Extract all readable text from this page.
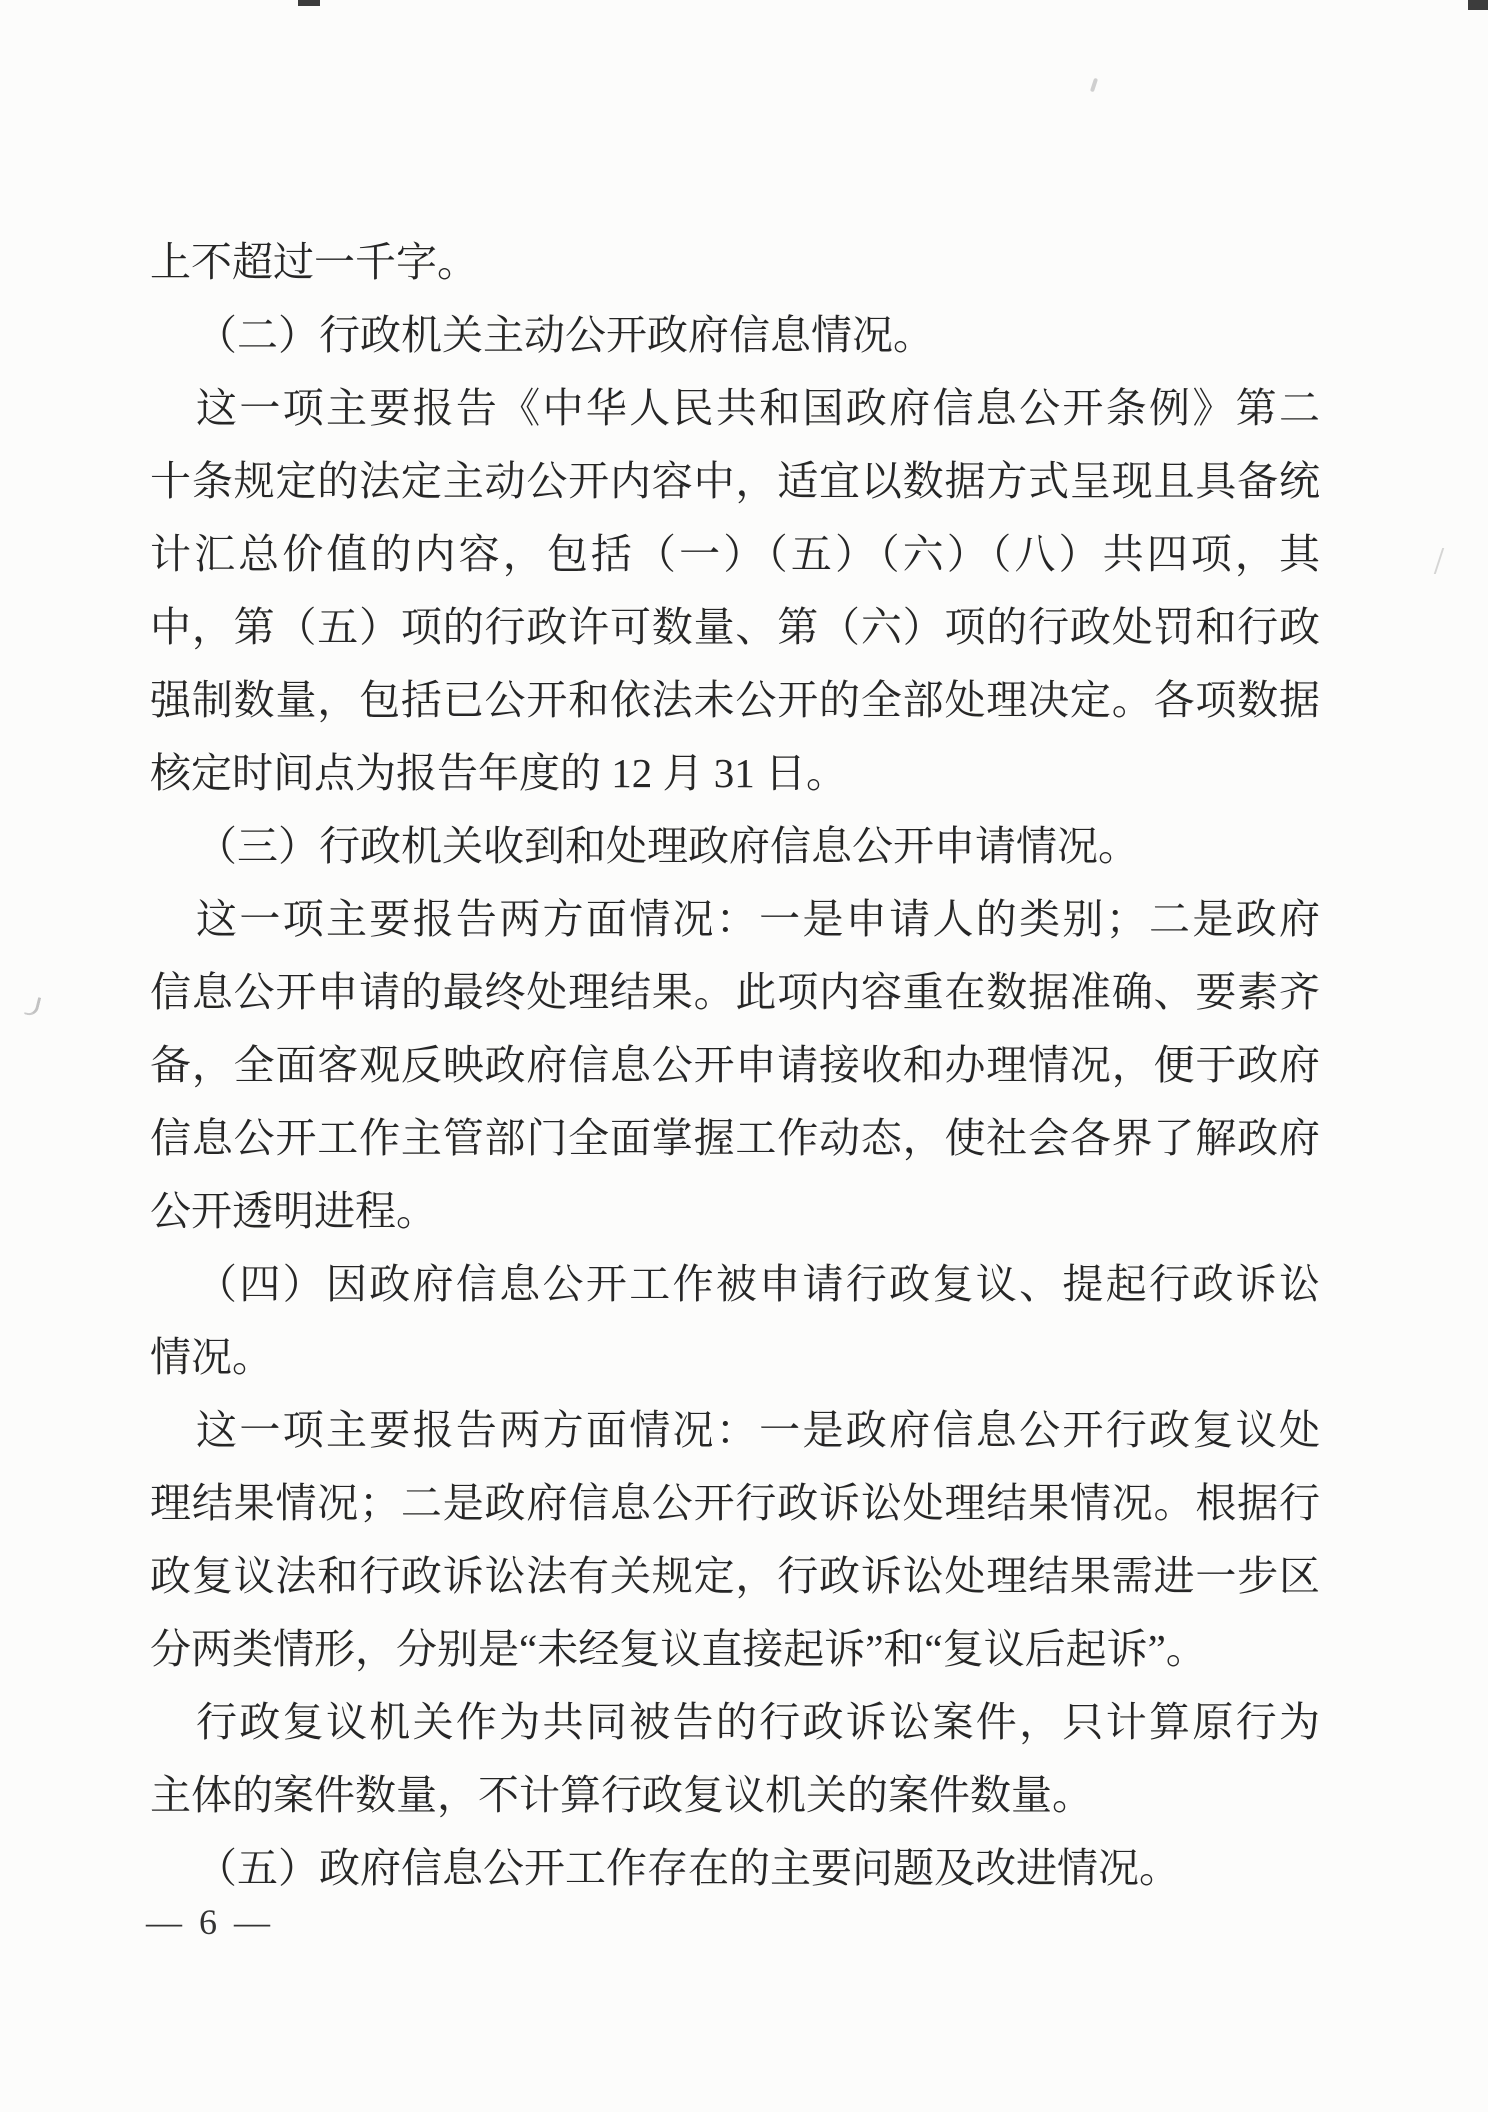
上不超过一千字。
（二）行政机关主动公开政府信息情况。
这一项主要报告《中华人民共和国政府信息公开条例》第二
十条规定的法定主动公开内容中，适宜以数据方式呈现且具备统
计汇总价值的内容，包括（一）（五）（六）（八）共四项，其
中，第（五）项的行政许可数量、第（六）项的行政处罚和行政
强制数量，包括已公开和依法未公开的全部处理决定。各项数据
核定时间点为报告年度的 12 月 31 日。
（三）行政机关收到和处理政府信息公开申请情况。
这一项主要报告两方面情况：一是申请人的类别；二是政府
信息公开申请的最终处理结果。此项内容重在数据准确、要素齐
备，全面客观反映政府信息公开申请接收和办理情况，便于政府
信息公开工作主管部门全面掌握工作动态，使社会各界了解政府
公开透明进程。
（四）因政府信息公开工作被申请行政复议、提起行政诉讼
情况。
这一项主要报告两方面情况：一是政府信息公开行政复议处
理结果情况；二是政府信息公开行政诉讼处理结果情况。根据行
政复议法和行政诉讼法有关规定，行政诉讼处理结果需进一步区
分两类情形，分别是“未经复议直接起诉”和“复议后起诉”。
行政复议机关作为共同被告的行政诉讼案件，只计算原行为
主体的案件数量，不计算行政复议机关的案件数量。
（五）政府信息公开工作存在的主要问题及改进情况。
— 6 —
